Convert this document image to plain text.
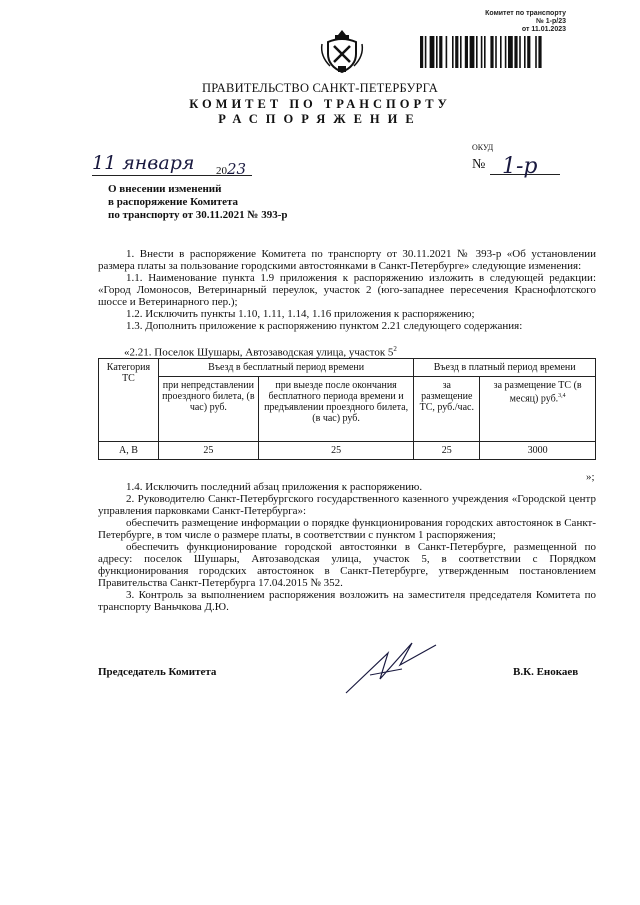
Комитет по транспорту
№ 1-р/23
от 11.01.2023
ПРАВИТЕЛЬСТВО САНКТ-ПЕТЕРБУРГА
КОМИТЕТ ПО ТРАНСПОРТУ
РАСПОРЯЖЕНИЕ
ОКУД
№ 1-р
11 января 2023
О внесении изменений
в распоряжение Комитета
по транспорту от 30.11.2021 № 393-р
1. Внести в распоряжение Комитета по транспорту от 30.11.2021 № 393-р «Об установлении размера платы за пользование городскими автостоянками в Санкт-Петербурге» следующие изменения:
1.1. Наименование пункта 1.9 приложения к распоряжению изложить в следующей редакции: «Город Ломоносов, Ветеринарный переулок, участок 2 (юго-западнее пересечения Краснофлотского шоссе и Ветеринарного пер.);
1.2. Исключить пункты 1.10, 1.11, 1.14, 1.16 приложения к распоряжению;
1.3. Дополнить приложение к распоряжению пунктом 2.21 следующего содержания:
«2.21. Поселок Шушары, Автозаводская улица, участок $5^2$
Категория ТС	Въезд в бесплатный период времени		Въезд в платный период времени	
	при непредставлении проездного билета, (в час) руб.	при выезде после окончания бесплатного периода времени и предъявлении проездного билета, (в час) руб.	за размещение ТС, руб./час.	за размещение ТС (в месяц) руб.$^{3,4}$
А, В	25	25	25	3000
»;
1.4. Исключить последний абзац приложения к распоряжению.
2. Руководителю Санкт-Петербургского государственного казенного учреждения «Городской центр управления парковками Санкт-Петербурга»:
обеспечить размещение информации о порядке функционирования городских автостоянок в Санкт-Петербурге, в том числе о размере платы, в соответствии с пунктом 1 распоряжения;
обеспечить функционирование городской автостоянки в Санкт-Петербурге, размещенной по адресу: поселок Шушары, Автозаводская улица, участок 5, в соответствии с Порядком функционирования городских автостоянок в Санкт-Петербурге, утвержденным постановлением Правительства Санкт-Петербурга 17.04.2015 № 352.
3. Контроль за выполнением распоряжения возложить на заместителя председателя Комитета по транспорту Ваньчкова Д.Ю.
Председатель Комитета	В.К. Енокаев
